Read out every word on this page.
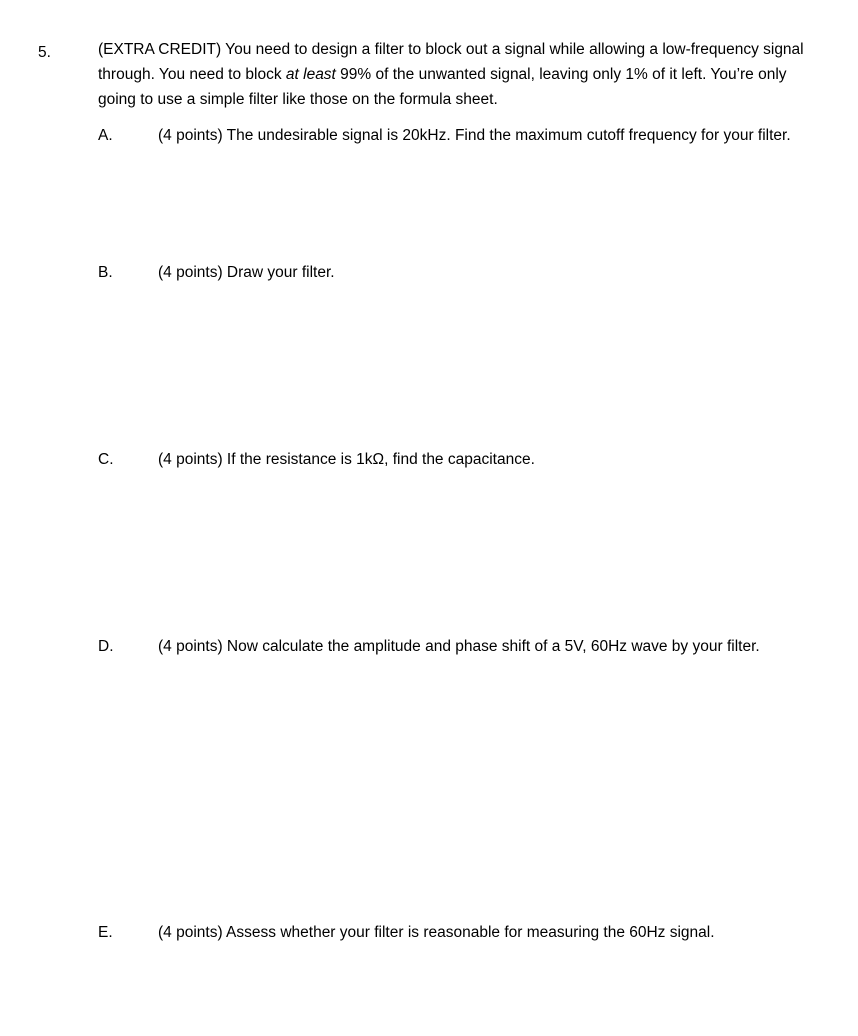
5.	(EXTRA CREDIT) You need to design a filter to block out a signal while allowing a low-frequency signal through. You need to block at least 99% of the unwanted signal, leaving only 1% of it left. You’re only going to use a simple filter like those on the formula sheet.
A.	(4 points) The undesirable signal is 20kHz. Find the maximum cutoff frequency for your filter.
B.	(4 points) Draw your filter.
C.	(4 points) If the resistance is 1kΩ, find the capacitance.
D.	(4 points) Now calculate the amplitude and phase shift of a 5V, 60Hz wave by your filter.
E.	(4 points) Assess whether your filter is reasonable for measuring the 60Hz signal.
